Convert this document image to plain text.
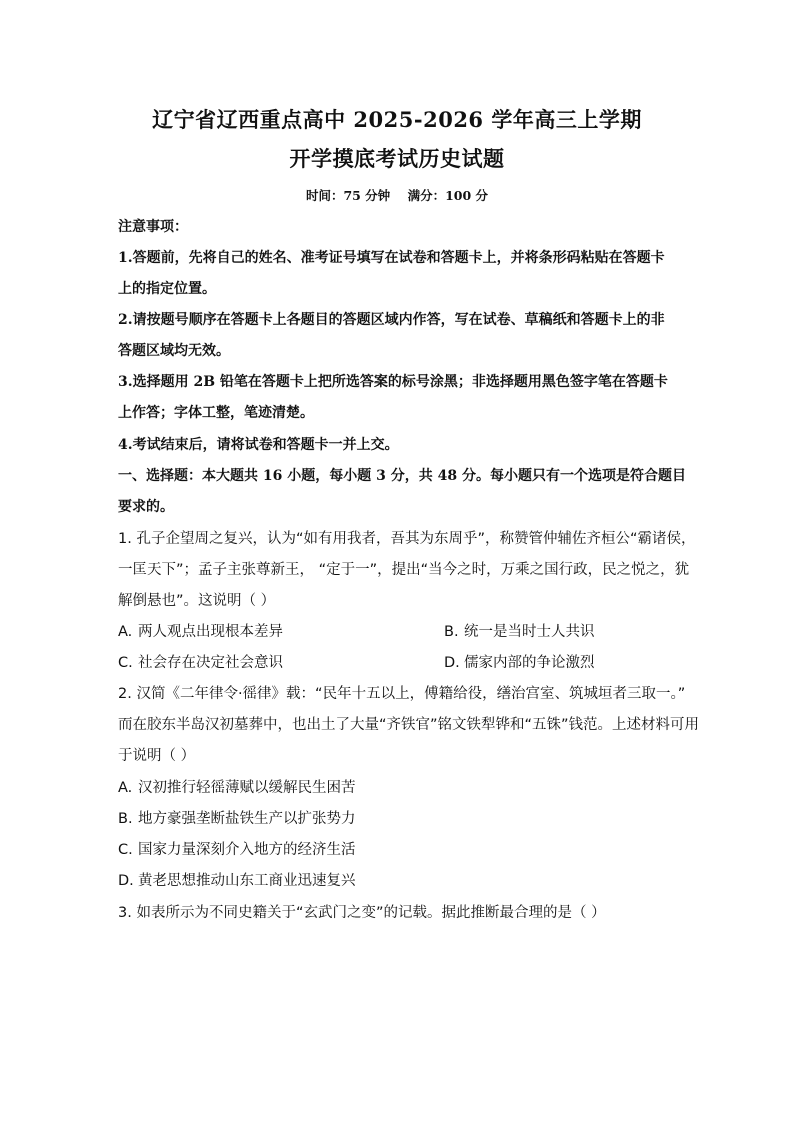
辽宁省辽西重点高中 2025-2026 学年高三上学期
开学摸底考试历史试题
时间：75 分钟    满分：100 分
注意事项：
1.答题前，先将自己的姓名、准考证号填写在试卷和答题卡上，并将条形码粘贴在答题卡
上的指定位置。
2.请按题号顺序在答题卡上各题目的答题区域内作答，写在试卷、草稿纸和答题卡上的非
答题区域均无效。
3.选择题用 2B 铅笔在答题卡上把所选答案的标号涂黑；非选择题用黑色签字笔在答题卡
上作答；字体工整，笔迹清楚。
4.考试结束后，请将试卷和答题卡一并上交。
一、选择题：本大题共 16 小题，每小题 3 分，共 48 分。每小题只有一个选项是符合题目
要求的。
1. 孔子企望周之复兴，认为“如有用我者，吾其为东周乎”，称赞管仲辅佐齐桓公“霸诸侯，
一匡天下”；孟子主张尊新王， “定于一”，提出“当今之时，万乘之国行政，民之悦之，犹
解倒悬也”。这说明（ ）
A. 两人观点出现根本差异	B. 统一是当时士人共识
C. 社会存在决定社会意识	D. 儒家内部的争论激烈
2. 汉简《二年律令·徭律》载：“民年十五以上，傅籍给役，缮治宫室、筑城垣者三取一。”
而在胶东半岛汉初墓葬中，也出土了大量“齐铁官”铭文铁犁铧和“五铢”钱范。上述材料可用
于说明（ ）
A. 汉初推行轻徭薄赋以缓解民生困苦
B. 地方豪强垄断盐铁生产以扩张势力
C. 国家力量深刻介入地方的经济生活
D. 黄老思想推动山东工商业迅速复兴
3. 如表所示为不同史籍关于“玄武门之变”的记载。据此推断最合理的是（ ）
